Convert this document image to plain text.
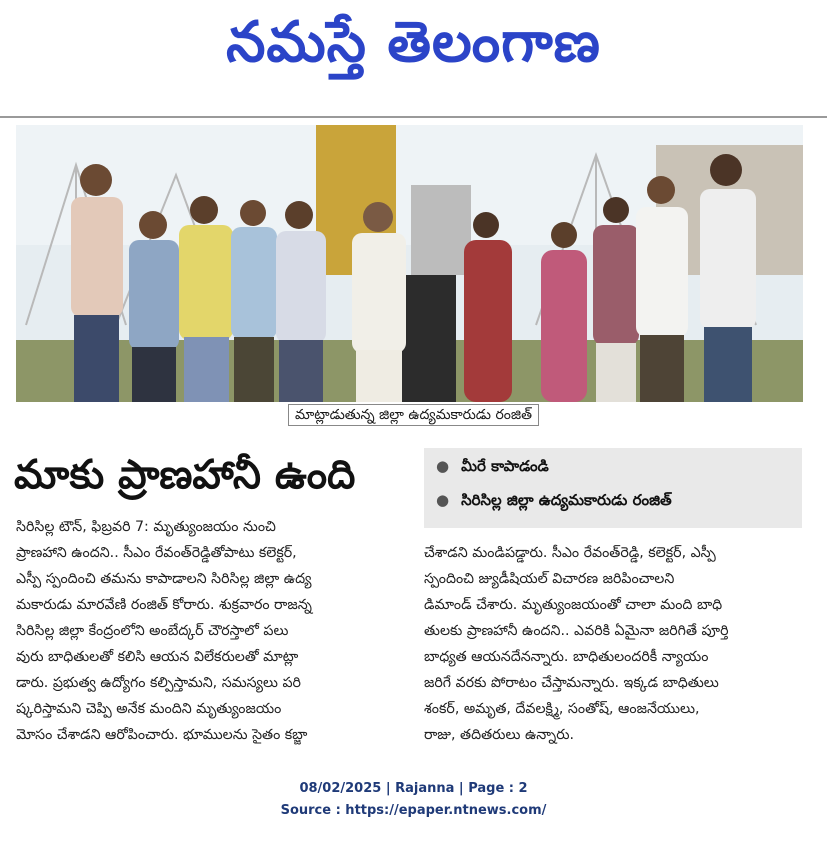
నమస్తే తెలంగాణ
మాట్లాడుతున్న జిల్లా ఉద్యమకారుడు రంజిత్
మాకు ప్రాణహానీ ఉంది	● మీరే కాపాడండి
● సిరిసిల్ల జిల్లా ఉద్యమకారుడు రంజిత్

సిరిసిల్ల టౌన్, ఫిబ్రవరి 7: మృత్యుంజయం నుంచి

ప్రాణహాని ఉందని.. సీఎం రేవంత్‌రెడ్డితోపాటు కలెక్టర్,

ఎస్పీ స్పందించి తమను కాపాడాలని సిరిసిల్ల జిల్లా ఉద్య

మకారుడు మారవేణి రంజిత్ కోరారు. శుక్రవారం రాజన్న

సిరిసిల్ల జిల్లా కేంద్రంలోని అంబేద్కర్ చౌరస్తాలో పలు

వురు బాధితులతో కలిసి ఆయన విలేకరులతో మాట్లా

డారు. ప్రభుత్వ ఉద్యోగం కల్పిస్తామని, సమస్యలు పరి

ష్కరిస్తామని చెప్పి అనేక మందిని మృత్యుంజయం

మోసం చేశాడని ఆరోపించారు. భూములను సైతం కబ్జా

చేశాడని మండిపడ్డారు. సీఎం రేవంత్‌రెడ్డి, కలెక్టర్, ఎస్పీ

స్పందించి జ్యుడీషియల్ విచారణ జరిపించాలని

డిమాండ్ చేశారు. మృత్యుంజయంతో చాలా మంది బాధి

తులకు ప్రాణహానీ ఉందని.. ఎవరికి ఏమైనా జరిగితే పూర్తి

బాధ్యత ఆయనదేనన్నారు. బాధితులందరికీ న్యాయం

జరిగే వరకు పోరాటం చేస్తామన్నారు. ఇక్కడ బాధితులు

శంకర్, అమృత, దేవలక్ష్మి, సంతోష్, ఆంజనేయులు,

రాజు, తదితరులు ఉన్నారు.

08/02/2025 | Rajanna | Page : 2
Source : https://epaper.ntnews.com/
